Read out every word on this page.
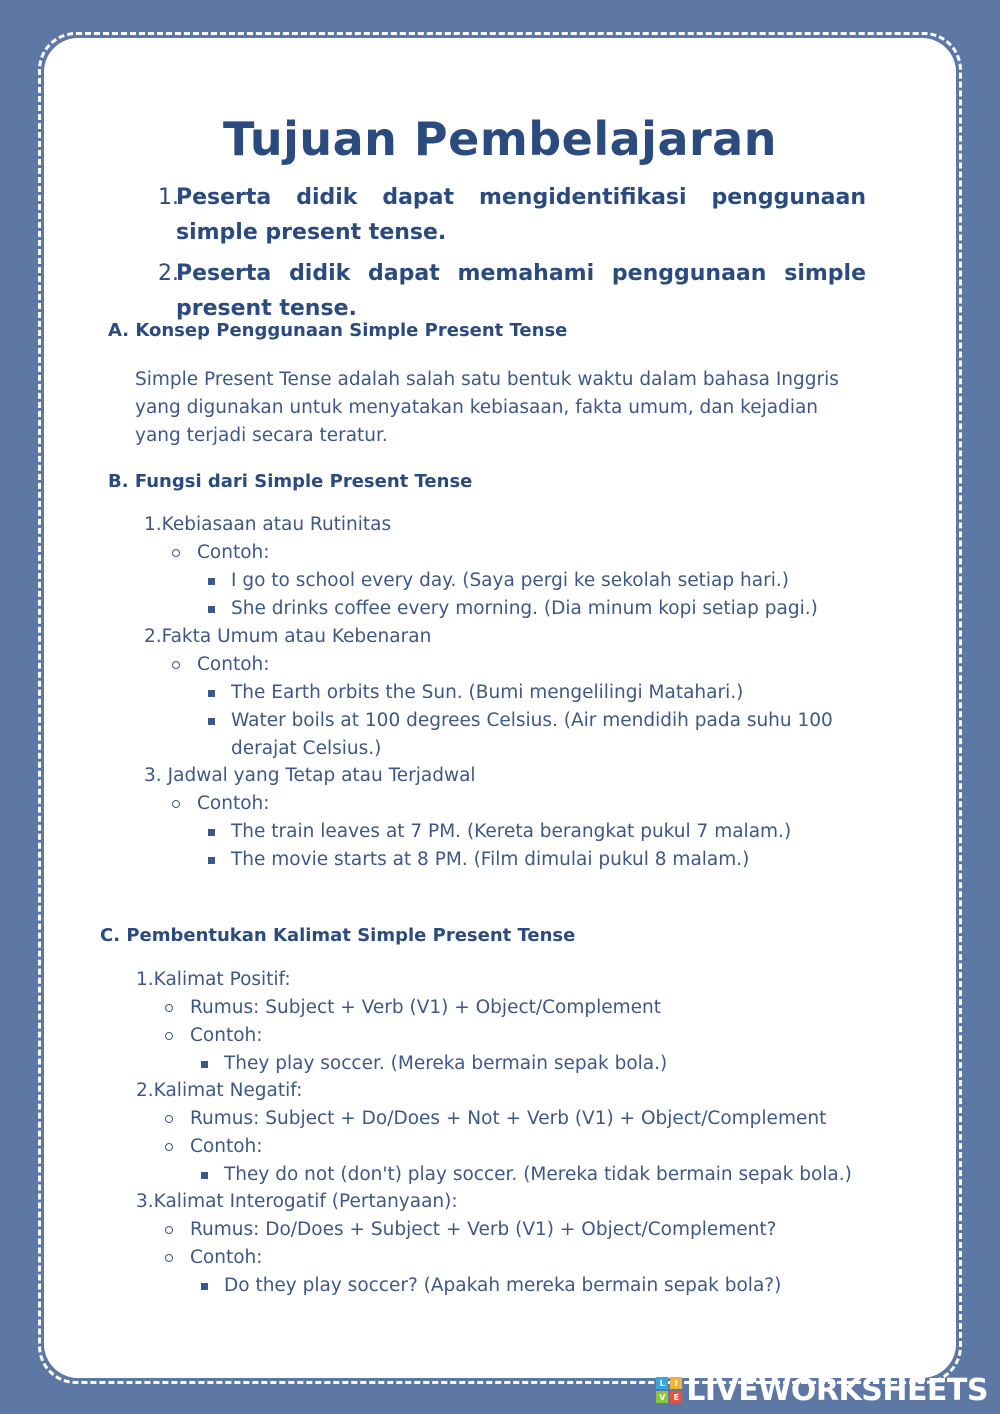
Tujuan Pembelajaran
1.
Peserta didik dapat mengidentifikasi penggunaan simple present tense.
2.
Peserta didik dapat memahami penggunaan simple present tense.
A. Konsep Penggunaan Simple Present Tense
Simple Present Tense adalah salah satu bentuk waktu dalam bahasa Inggris yang digunakan untuk menyatakan kebiasaan, fakta umum, dan kejadian yang terjadi secara teratur.
B. Fungsi dari Simple Present Tense
1.Kebiasaan atau Rutinitas
Contoh:
I go to school every day. (Saya pergi ke sekolah setiap hari.)
She drinks coffee every morning. (Dia minum kopi setiap pagi.)
2.Fakta Umum atau Kebenaran
Contoh:
The Earth orbits the Sun. (Bumi mengelilingi Matahari.)
Water boils at 100 degrees Celsius. (Air mendidih pada suhu 100
derajat Celsius.)
3. Jadwal yang Tetap atau Terjadwal
Contoh:
The train leaves at 7 PM. (Kereta berangkat pukul 7 malam.)
The movie starts at 8 PM. (Film dimulai pukul 8 malam.)
C. Pembentukan Kalimat Simple Present Tense
1.Kalimat Positif:
Rumus: Subject + Verb (V1) + Object/Complement
Contoh:
They play soccer. (Mereka bermain sepak bola.)
2.Kalimat Negatif:
Rumus: Subject + Do/Does + Not + Verb (V1) + Object/Complement
Contoh:
They do not (don't) play soccer. (Mereka tidak bermain sepak bola.)
3.Kalimat Interogatif (Pertanyaan):
Rumus: Do/Does + Subject + Verb (V1) + Object/Complement?
Contoh:
Do they play soccer? (Apakah mereka bermain sepak bola?)
L	I
V	E LIVEWORKSHEETS
